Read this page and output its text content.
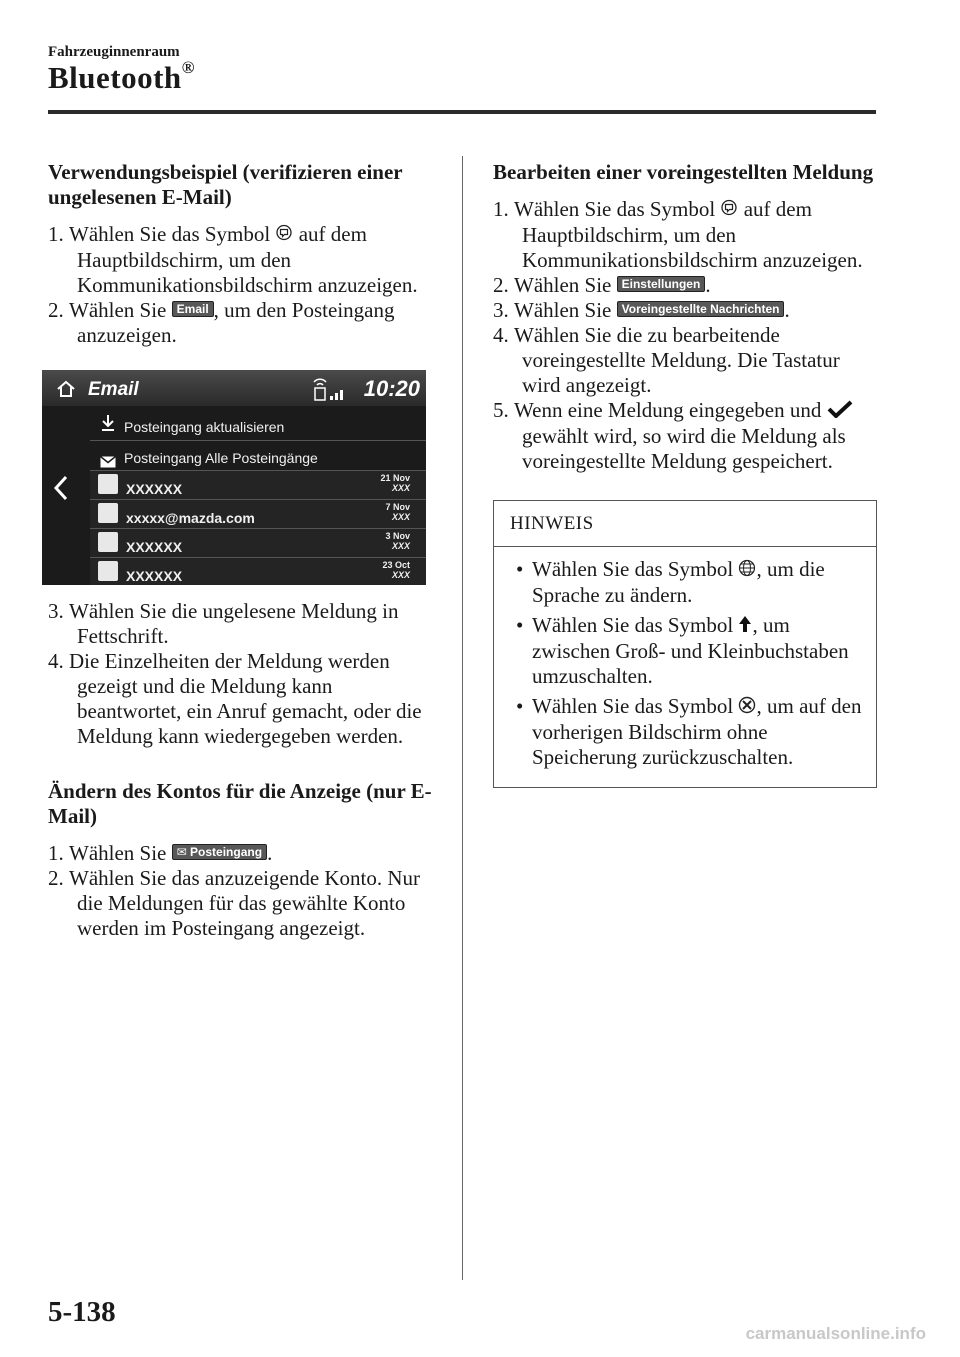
Fahrzeuginnenraum
Bluetooth®
Verwendungsbeispiel (verifizieren einer ungelesenen E-Mail)

1. Wählen Sie das Symbol auf dem Hauptbildschirm, um den Kommunikationsbildschirm anzuzeigen.

2. Wählen Sie Email , um den Posteingang anzuzeigen.

Email	10:20
Posteingang aktualisieren
Posteingang Alle Posteingänge
XXXXXX
21 Nov
XXX
xxxxx@mazda.com
7 Nov
XXX
XXXXXX
3 Nov
XXX
XXXXXX
23 Oct
XXX

3. Wählen Sie die ungelesene Meldung in Fettschrift.

4. Die Einzelheiten der Meldung werden gezeigt und die Meldung kann beantwortet, ein Anruf gemacht, oder die Meldung kann wiedergegeben werden.

Ändern des Kontos für die Anzeige (nur E-Mail)

1. Wählen Sie ✉ Posteingang .

2. Wählen Sie das anzuzeigende Konto. Nur die Meldungen für das gewählte Konto werden im Posteingang angezeigt.

Bearbeiten einer voreingestellten Meldung

1. Wählen Sie das Symbol auf dem Hauptbildschirm, um den Kommunikationsbildschirm anzuzeigen.

2. Wählen Sie Einstellungen .

3. Wählen Sie Voreingestellte Nachrichten .

4. Wählen Sie die zu bearbeitende voreingestellte Meldung. Die Tastatur wird angezeigt.

5. Wenn eine Meldung eingegeben und  gewählt wird, so wird die Meldung als voreingestellte Meldung gespeichert.

HINWEIS

• Wählen Sie das Symbol , um die Sprache zu ändern.

• Wählen Sie das Symbol , um zwischen Groß- und Kleinbuchstaben umzuschalten.

• Wählen Sie das Symbol , um auf den vorherigen Bildschirm ohne Speicherung zurückzuschalten.

5-138
carmanualsonline.info
